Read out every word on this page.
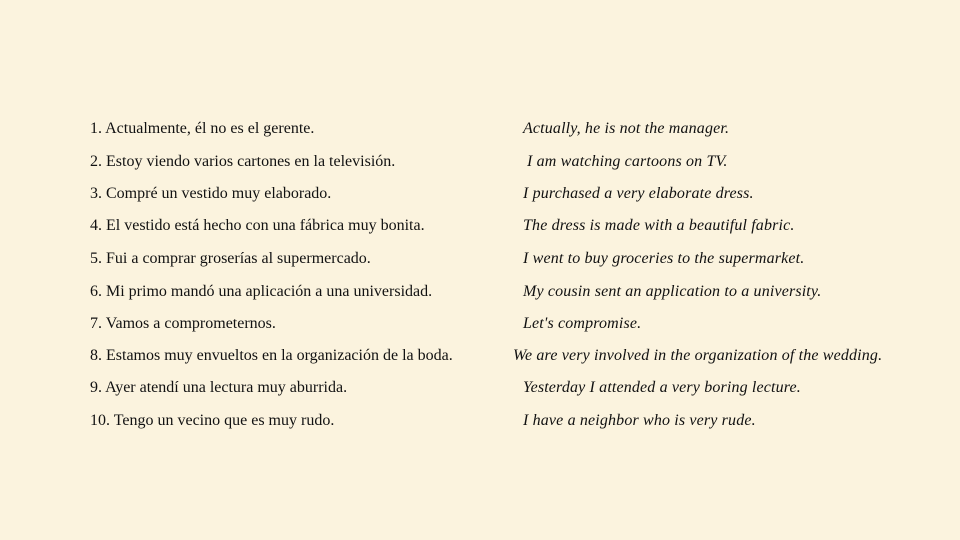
1. Actualmente, él no es el gerente.	Actually, he is not the manager.
2. Estoy viendo varios cartones en la televisión.	I am watching cartoons on TV.
3. Compré un vestido muy elaborado.	I purchased a very elaborate dress.
4. El vestido está hecho con una fábrica muy bonita.	The dress is made with a beautiful fabric.
5. Fui a comprar groserías al supermercado.	I went to buy groceries to the supermarket.
6. Mi primo mandó una aplicación a una universidad.	My cousin sent an application to a university.
7. Vamos a comprometernos.	Let's compromise.
8. Estamos muy envueltos en la organización de la boda.	We are very involved in the organization of the wedding.
9. Ayer atendí una lectura muy aburrida.	Yesterday I attended a very boring lecture.
10. Tengo un vecino que es muy rudo.	I have a neighbor who is very rude.
